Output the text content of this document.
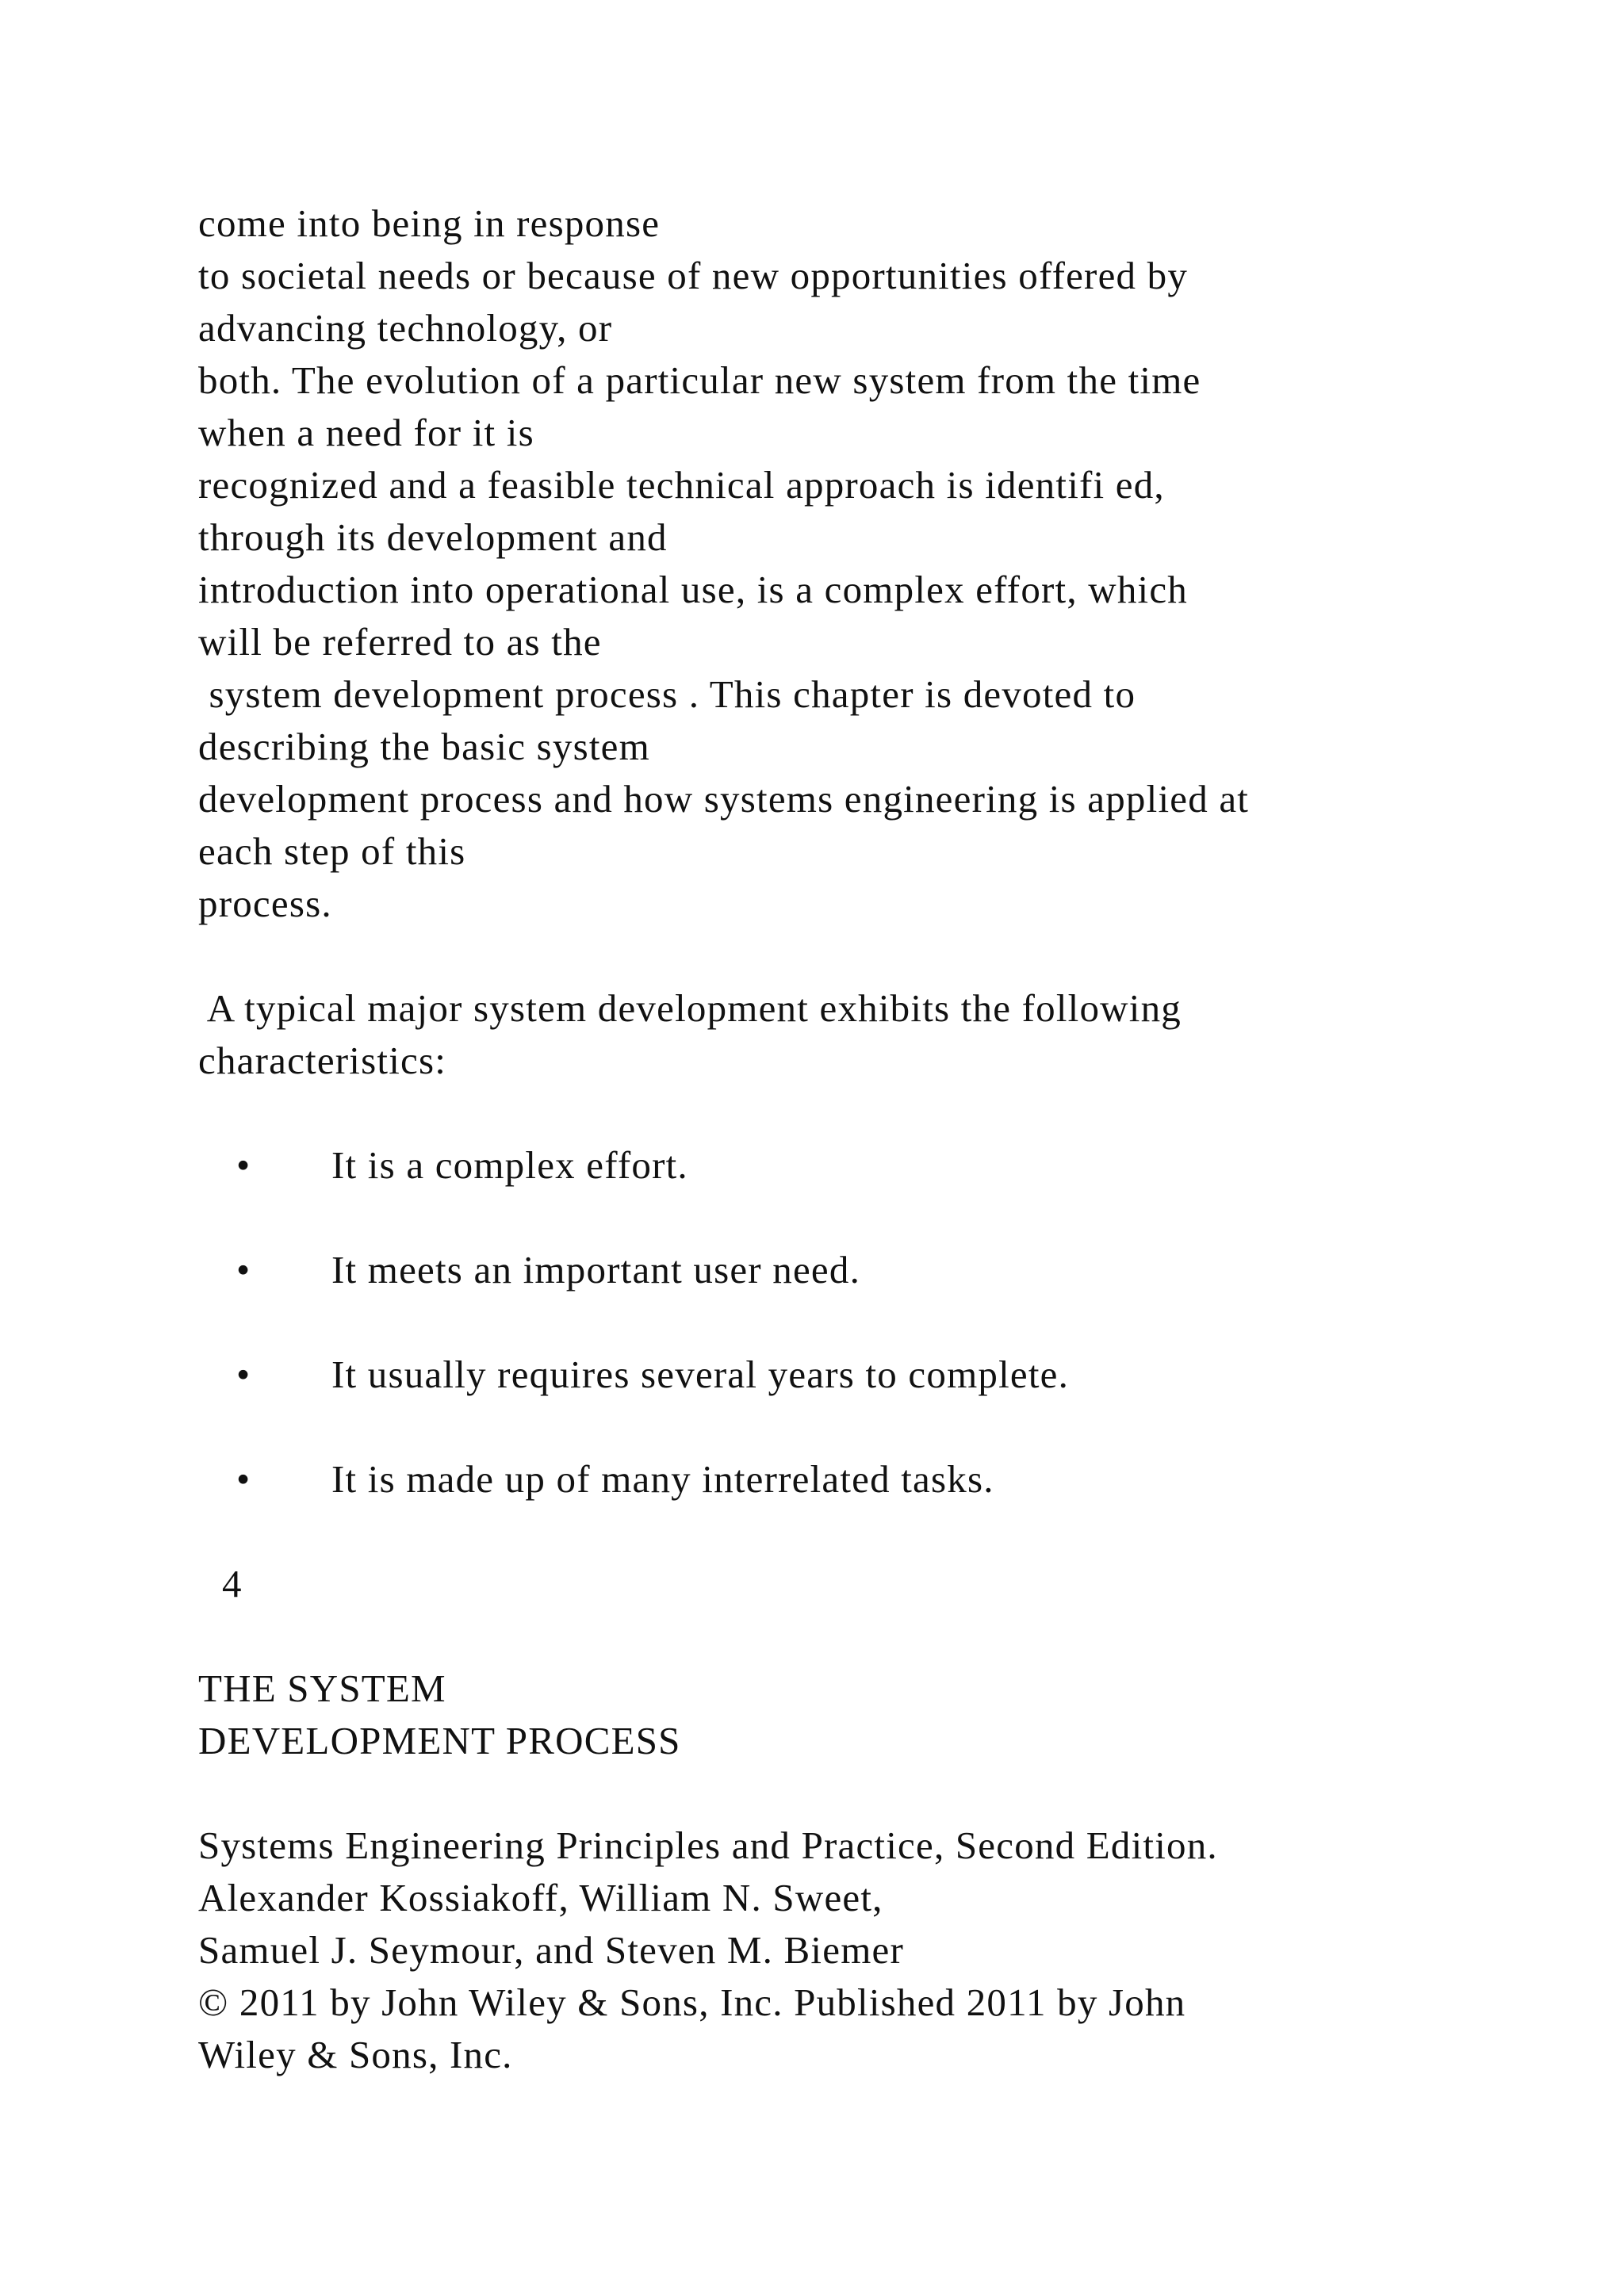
come into being in response
to societal needs or because of new opportunities offered by
advancing technology, or
both. The evolution of a particular new system from the time
when a need for it is
recognized and a feasible technical approach is identifi ed,
through its development and
introduction into operational use, is a complex effort, which
will be referred to as the
system development process . This chapter is devoted to
describing the basic system
development process and how systems engineering is applied at
each step of this
process.
A typical major system development exhibits the following
characteristics:
• It is a complex effort.
• It meets an important user need.
• It usually requires several years to complete.
• It is made up of many interrelated tasks.
4
THE SYSTEM
DEVELOPMENT PROCESS
Systems Engineering Principles and Practice, Second Edition.
Alexander Kossiakoff, William N. Sweet,
Samuel J. Seymour, and Steven M. Biemer
© 2011 by John Wiley & Sons, Inc. Published 2011 by John
Wiley & Sons, Inc.
